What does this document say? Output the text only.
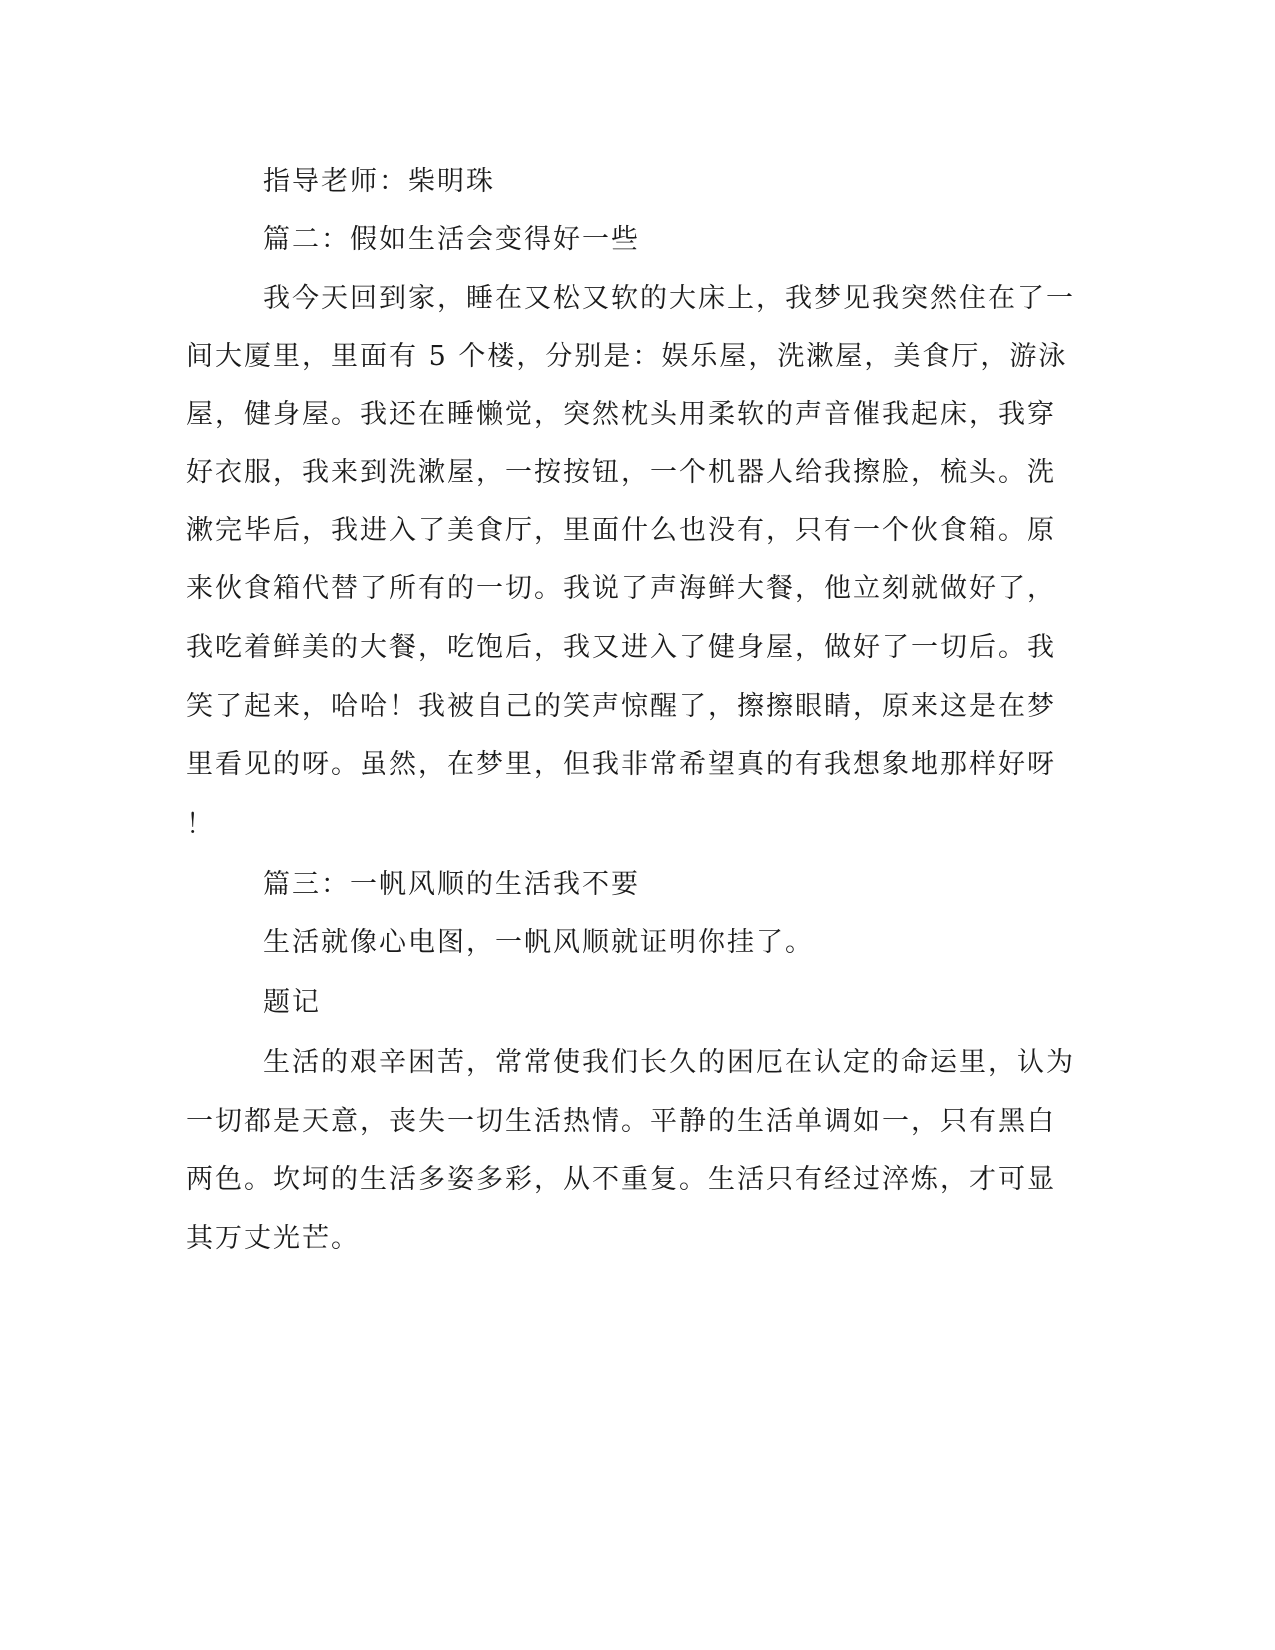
指导老师：柴明珠
篇二：假如生活会变得好一些
我今天回到家，睡在又松又软的大床上，我梦见我突然住在了一
间大厦里，里面有 5 个楼，分别是：娱乐屋，洗漱屋，美食厅，游泳
屋，健身屋。我还在睡懒觉，突然枕头用柔软的声音催我起床，我穿
好衣服，我来到洗漱屋，一按按钮，一个机器人给我擦脸，梳头。洗
漱完毕后，我进入了美食厅，里面什么也没有，只有一个伙食箱。原
来伙食箱代替了所有的一切。我说了声海鲜大餐，他立刻就做好了，
我吃着鲜美的大餐，吃饱后，我又进入了健身屋，做好了一切后。我
笑了起来，哈哈！我被自己的笑声惊醒了，擦擦眼睛，原来这是在梦
里看见的呀。虽然，在梦里，但我非常希望真的有我想象地那样好呀
！
篇三：一帆风顺的生活我不要
生活就像心电图，一帆风顺就证明你挂了。
题记
生活的艰辛困苦，常常使我们长久的困厄在认定的命运里，认为
一切都是天意，丧失一切生活热情。平静的生活单调如一，只有黑白
两色。坎坷的生活多姿多彩，从不重复。生活只有经过淬炼，才可显
其万丈光芒。
